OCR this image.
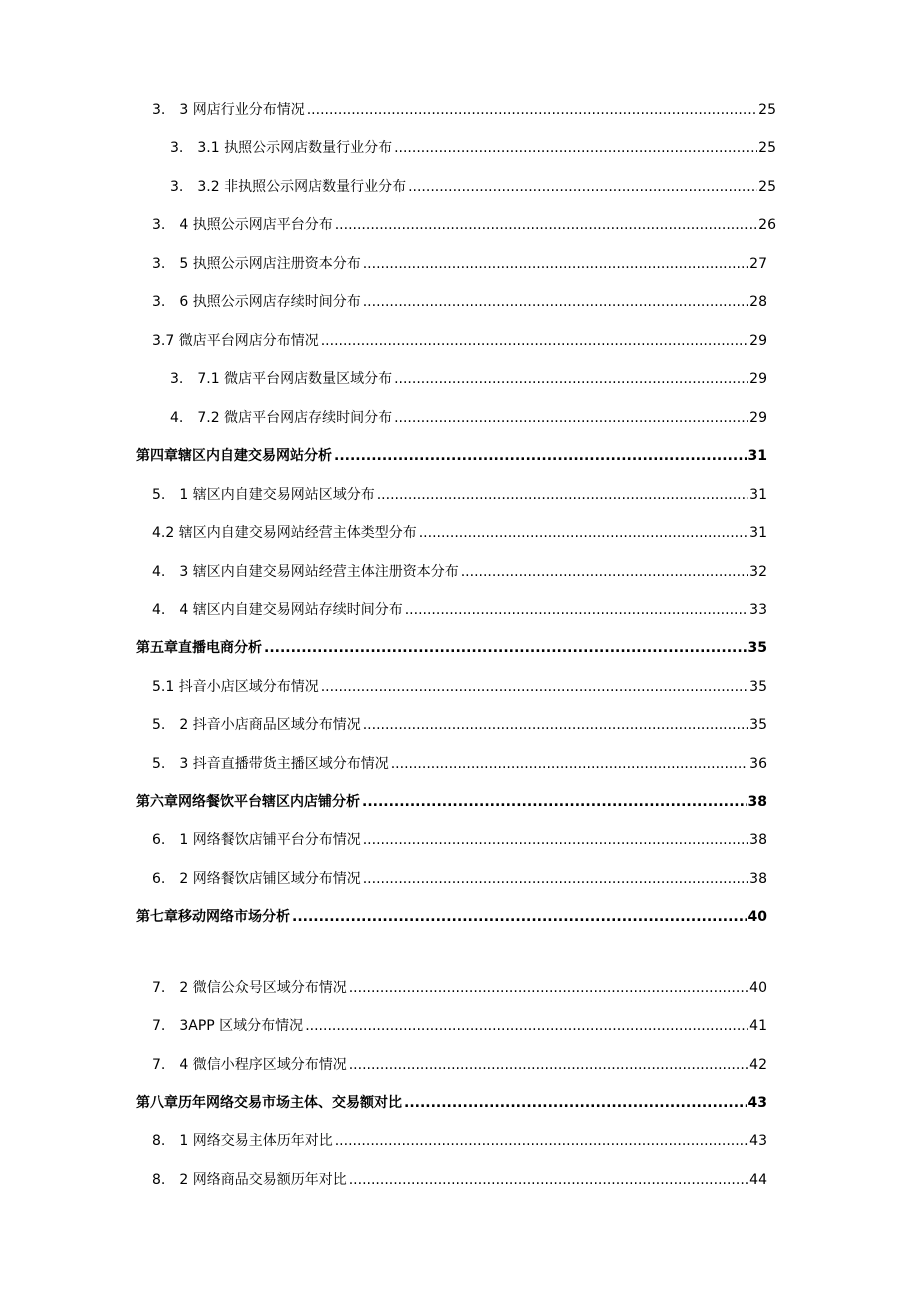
3.　3 网店行业分布情况 .....	25
3.　3.1 执照公示网店数量行业分布 .....	25
3.　3.2 非执照公示网店数量行业分布 .....	25
3.　4 执照公示网店平台分布 .....	26
3.　5 执照公示网店注册资本分布 .....	27
3.　6 执照公示网店存续时间分布 .....	28
3.7 微店平台网店分布情况 .....	29
3.　7.1 微店平台网店数量区域分布 .....	29
4.　7.2 微店平台网店存续时间分布 .....	29
第四章辖区内自建交易网站分析 .....	31
5.　1 辖区内自建交易网站区域分布 .....	31
4.2 辖区内自建交易网站经营主体类型分布 .....	31
4.　3 辖区内自建交易网站经营主体注册资本分布 .....	32
4.　4 辖区内自建交易网站存续时间分布 .....	33
第五章直播电商分析 .....	35
5.1 抖音小店区域分布情况 .....	35
5.　2 抖音小店商品区域分布情况 .....	35
5.　3 抖音直播带货主播区域分布情况 .....	36
第六章网络餐饮平台辖区内店铺分析 .....	38
6.　1 网络餐饮店铺平台分布情况 .....	38
6.　2 网络餐饮店铺区域分布情况 .....	38
第七章移动网络市场分析 .....	40
7.　2 微信公众号区域分布情况 .....	40
7.　3APP 区域分布情况 .....	41
7.　4 微信小程序区域分布情况 .....	42
第八章历年网络交易市场主体、交易额对比 .....	43
8.　1 网络交易主体历年对比 .....	43
8.　2 网络商品交易额历年对比 .....	44
